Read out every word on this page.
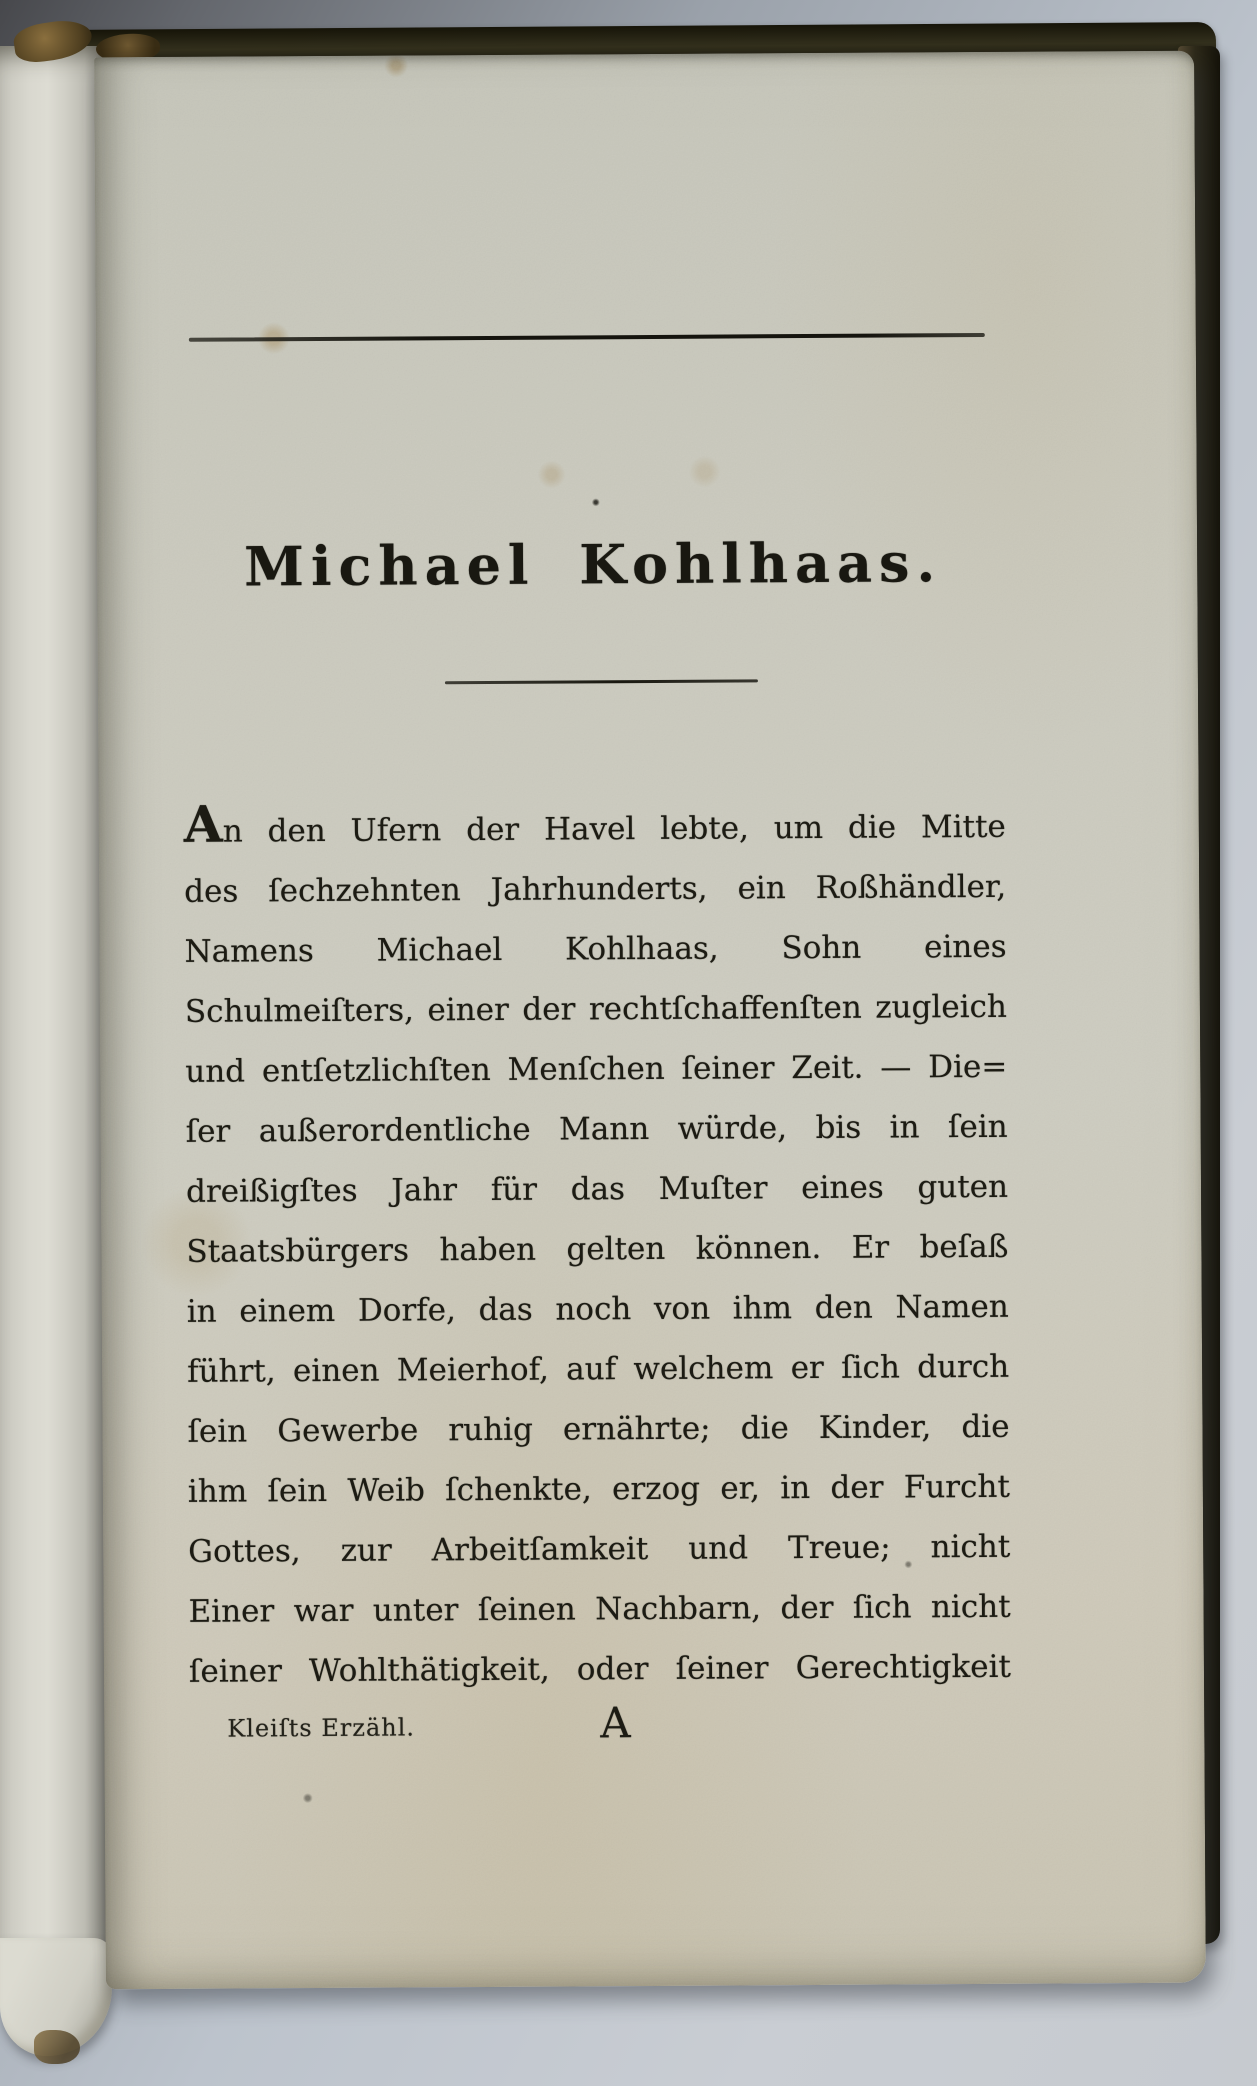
Michael Kohlhaas.
An den Ufern der Havel lebte, um die Mitte
des ſechzehnten Jahrhunderts, ein Roßhändler,
Namens Michael Kohlhaas, Sohn eines
Schulmeiſters, einer der rechtſchaffenſten zugleich
und entſetzlichſten Menſchen ſeiner Zeit. — Die=
ſer außerordentliche Mann würde, bis in ſein
dreißigſtes Jahr für das Muſter eines guten
Staatsbürgers haben gelten können. Er beſaß
in einem Dorfe, das noch von ihm den Namen
führt, einen Meierhof, auf welchem er ſich durch
ſein Gewerbe ruhig ernährte; die Kinder, die
ihm ſein Weib ſchenkte, erzog er, in der Furcht
Gottes, zur Arbeitſamkeit und Treue; nicht
Einer war unter ſeinen Nachbarn, der ſich nicht
ſeiner Wohlthätigkeit, oder ſeiner Gerechtigkeit
Kleiſts Erzähl.	A
